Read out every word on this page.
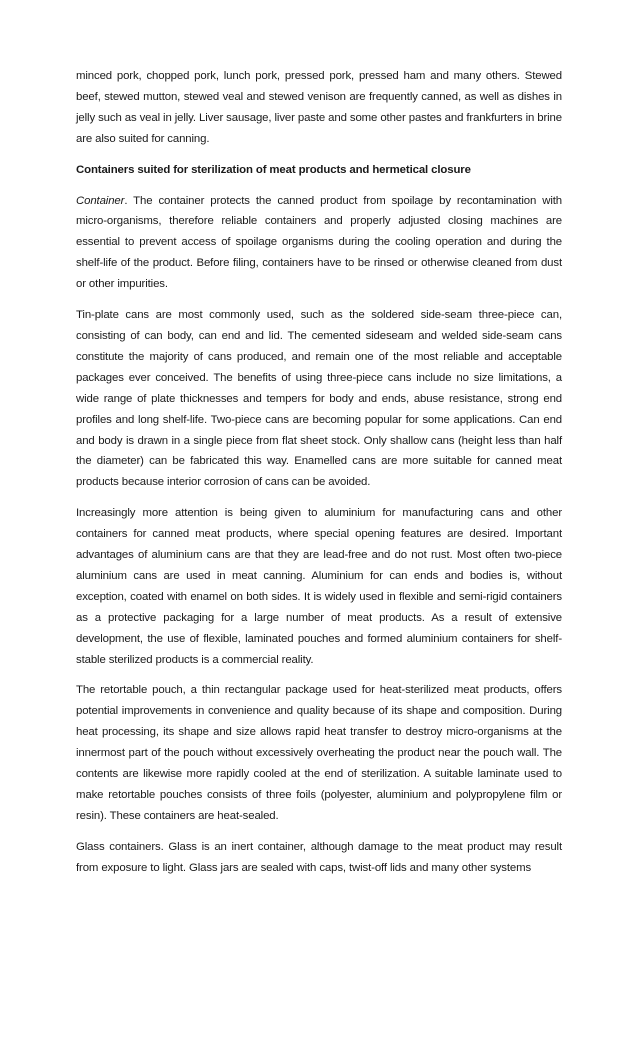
minced pork, chopped pork, lunch pork, pressed pork, pressed ham and many others. Stewed beef, stewed mutton, stewed veal and stewed venison are frequently canned, as well as dishes in jelly such as veal in jelly. Liver sausage, liver paste and some other pastes and frankfurters in brine are also suited for canning.

Containers suited for sterilization of meat products and hermetical closure

Container. The container protects the canned product from spoilage by recontamination with micro-organisms, therefore reliable containers and properly adjusted closing machines are essential to prevent access of spoilage organisms during the cooling operation and during the shelf-life of the product. Before filing, containers have to be rinsed or otherwise cleaned from dust or other impurities.

Tin-plate cans are most commonly used, such as the soldered side-seam three-piece can, consisting of can body, can end and lid. The cemented sideseam and welded side-seam cans constitute the majority of cans produced, and remain one of the most reliable and acceptable packages ever conceived. The benefits of using three-piece cans include no size limitations, a wide range of plate thicknesses and tempers for body and ends, abuse resistance, strong end profiles and long shelf-life. Two-piece cans are becoming popular for some applications. Can end and body is drawn in a single piece from flat sheet stock. Only shallow cans (height less than half the diameter) can be fabricated this way. Enamelled cans are more suitable for canned meat products because interior corrosion of cans can be avoided.

Increasingly more attention is being given to aluminium for manufacturing cans and other containers for canned meat products, where special opening features are desired. Important advantages of aluminium cans are that they are lead-free and do not rust. Most often two-piece aluminium cans are used in meat canning. Aluminium for can ends and bodies is, without exception, coated with enamel on both sides. It is widely used in flexible and semi-rigid containers as a protective packaging for a large number of meat products. As a result of extensive development, the use of flexible, laminated pouches and formed aluminium containers for shelf-stable sterilized products is a commercial reality.

The retortable pouch, a thin rectangular package used for heat-sterilized meat products, offers potential improvements in convenience and quality because of its shape and composition. During heat processing, its shape and size allows rapid heat transfer to destroy micro-organisms at the innermost part of the pouch without excessively overheating the product near the pouch wall. The contents are likewise more rapidly cooled at the end of sterilization. A suitable laminate used to make retortable pouches consists of three foils (polyester, aluminium and polypropylene film or resin). These containers are heat-sealed.

Glass containers. Glass is an inert container, although damage to the meat product may result from exposure to light. Glass jars are sealed with caps, twist-off lids and many other systems
